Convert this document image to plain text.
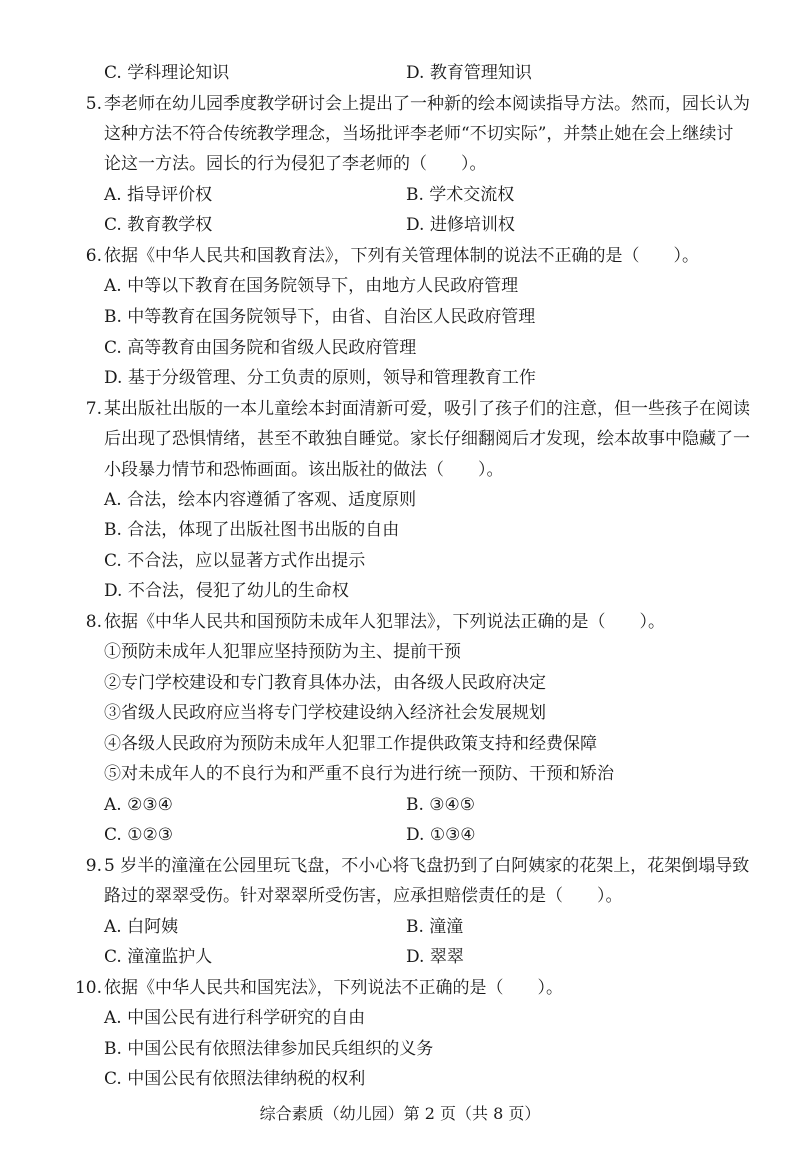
C. 学科理论知识	D. 教育管理知识
5. 李老师在幼儿园季度教学研讨会上提出了一种新的绘本阅读指导方法。然而，园长认为
这种方法不符合传统教学理念，当场批评李老师“不切实际”，并禁止她在会上继续讨
论这一方法。园长的行为侵犯了李老师的（　　）。
A. 指导评价权	B. 学术交流权
C. 教育教学权	D. 进修培训权
6. 依据《中华人民共和国教育法》，下列有关管理体制的说法不正确的是（　　）。
A. 中等以下教育在国务院领导下，由地方人民政府管理
B. 中等教育在国务院领导下，由省、自治区人民政府管理
C. 高等教育由国务院和省级人民政府管理
D. 基于分级管理、分工负责的原则，领导和管理教育工作
7. 某出版社出版的一本儿童绘本封面清新可爱，吸引了孩子们的注意，但一些孩子在阅读
后出现了恐惧情绪，甚至不敢独自睡觉。家长仔细翻阅后才发现，绘本故事中隐藏了一
小段暴力情节和恐怖画面。该出版社的做法（　　）。
A. 合法，绘本内容遵循了客观、适度原则
B. 合法，体现了出版社图书出版的自由
C. 不合法，应以显著方式作出提示
D. 不合法，侵犯了幼儿的生命权
8. 依据《中华人民共和国预防未成年人犯罪法》，下列说法正确的是（　　）。
①预防未成年人犯罪应坚持预防为主、提前干预
②专门学校建设和专门教育具体办法，由各级人民政府决定
③省级人民政府应当将专门学校建设纳入经济社会发展规划
④各级人民政府为预防未成年人犯罪工作提供政策支持和经费保障
⑤对未成年人的不良行为和严重不良行为进行统一预防、干预和矫治
A. ②③④	B. ③④⑤
C. ①②③	D. ①③④
9. 5 岁半的潼潼在公园里玩飞盘，不小心将飞盘扔到了白阿姨家的花架上，花架倒塌导致
路过的翠翠受伤。针对翠翠所受伤害，应承担赔偿责任的是（　　）。
A. 白阿姨	B. 潼潼
C. 潼潼监护人	D. 翠翠
10. 依据《中华人民共和国宪法》，下列说法不正确的是（　　）。
A. 中国公民有进行科学研究的自由
B. 中国公民有依照法律参加民兵组织的义务
C. 中国公民有依照法律纳税的权利
综合素质（幼儿园）第 2 页（共 8 页）
